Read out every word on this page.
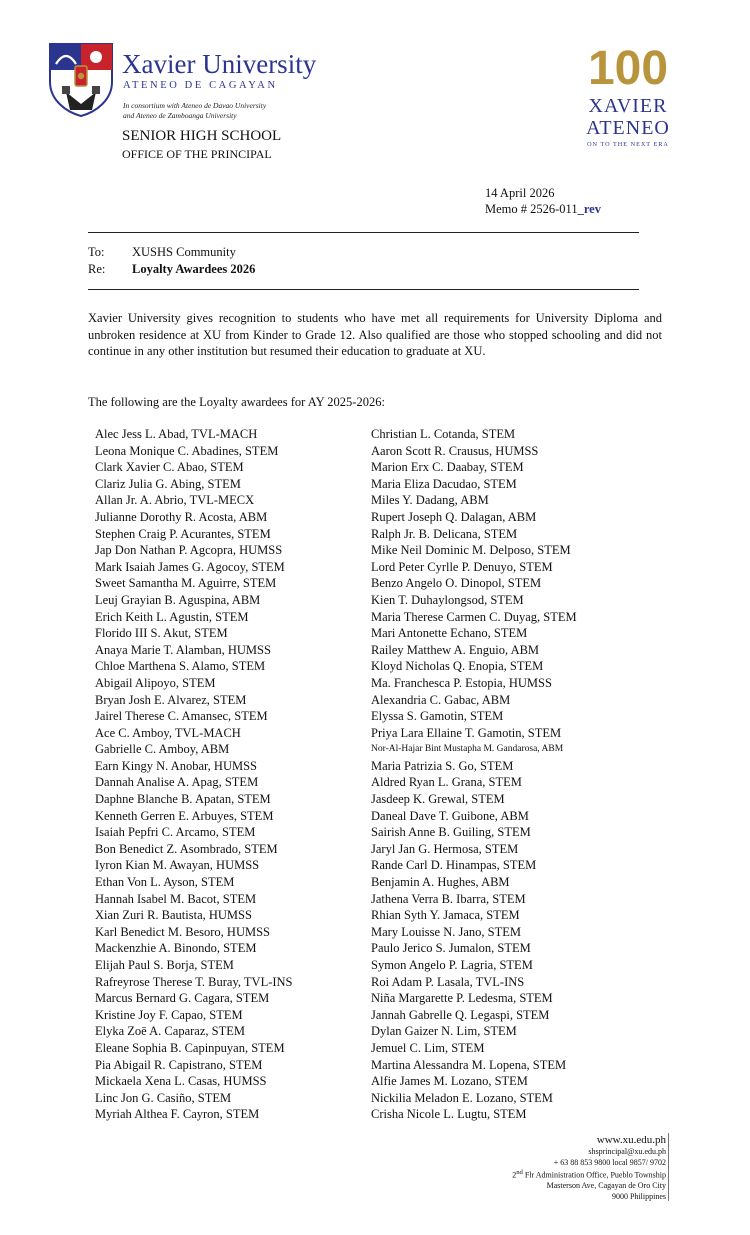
Xavier University
ATENEO DE CAGAYAN
In consortium with Ateneo de Davao University
and Ateneo de Zamboanga University
SENIOR HIGH SCHOOL
OFFICE OF THE PRINCIPAL
100
XAVIER
ATENEO
ON TO THE NEXT ERA
14 April 2026
Memo # 2526-011_rev
To: XUSHS Community
Re: Loyalty Awardees 2026
Xavier University gives recognition to students who have met all requirements for University Diploma and unbroken residence at XU from Kinder to Grade 12. Also qualified are those who stopped schooling and did not continue in any other institution but resumed their education to graduate at XU.
The following are the Loyalty awardees for AY 2025-2026:
Alec Jess L. Abad, TVL-MACH
Leona Monique C. Abadines, STEM
Clark Xavier C. Abao, STEM
Clariz Julia G. Abing, STEM
Allan Jr. A. Abrio, TVL-MECX
Julianne Dorothy R. Acosta, ABM
Stephen Craig P. Acurantes, STEM
Jap Don Nathan P. Agcopra, HUMSS
Mark Isaiah James G. Agocoy, STEM
Sweet Samantha M. Aguirre, STEM
Leuj Grayian B. Aguspina, ABM
Erich Keith L. Agustin, STEM
Florido III S. Akut, STEM
Anaya Marie T. Alamban, HUMSS
Chloe Marthena S. Alamo, STEM
Abigail Alipoyo, STEM
Bryan Josh E. Alvarez, STEM
Jairel Therese C. Amansec, STEM
Ace C. Amboy, TVL-MACH
Gabrielle C. Amboy, ABM
Earn Kingy N. Anobar, HUMSS
Dannah Analise A. Apag, STEM
Daphne Blanche B. Apatan, STEM
Kenneth Gerren E. Arbuyes, STEM
Isaiah Pepfri C. Arcamo, STEM
Bon Benedict Z. Asombrado, STEM
Iyron Kian M. Awayan, HUMSS
Ethan Von L. Ayson, STEM
Hannah Isabel M. Bacot, STEM
Xian Zuri R. Bautista, HUMSS
Karl Benedict M. Besoro, HUMSS
Mackenzhie A. Binondo, STEM
Elijah Paul S. Borja, STEM
Rafreyrose Therese T. Buray, TVL-INS
Marcus Bernard G. Cagara, STEM
Kristine Joy F. Capao, STEM
Elyka Zoē A. Caparaz, STEM
Eleane Sophia B. Capinpuyan, STEM
Pia Abigail R. Capistrano, STEM
Mickaela Xena L. Casas, HUMSS
Linc Jon G. Casiño, STEM
Myriah Althea F. Cayron, STEM
Christian L. Cotanda, STEM
Aaron Scott R. Crausus, HUMSS
Marion Erx C. Daabay, STEM
Maria Eliza Dacudao, STEM
Miles Y. Dadang, ABM
Rupert Joseph Q. Dalagan, ABM
Ralph Jr. B. Delicana, STEM
Mike Neil Dominic M. Delposo, STEM
Lord Peter Cyrlle P. Denuyo, STEM
Benzo Angelo O. Dinopol, STEM
Kien T. Duhaylongsod, STEM
Maria Therese Carmen C. Duyag, STEM
Mari Antonette Echano, STEM
Railey Matthew A. Enguio, ABM
Kloyd Nicholas Q. Enopia, STEM
Ma. Franchesca P. Estopia, HUMSS
Alexandria C. Gabac, ABM
Elyssa S. Gamotin, STEM
Priya Lara Ellaine T. Gamotin, STEM
Nor-Al-Hajar Bint Mustapha M. Gandarosa, ABM
Maria Patrizia S. Go, STEM
Aldred Ryan L. Grana, STEM
Jasdeep K. Grewal, STEM
Daneal Dave T. Guibone, ABM
Sairish Anne B. Guiling, STEM
Jaryl Jan G. Hermosa, STEM
Rande Carl D. Hinampas, STEM
Benjamin A. Hughes, ABM
Jathena Verra B. Ibarra, STEM
Rhian Syth Y. Jamaca, STEM
Mary Louisse N. Jano, STEM
Paulo Jerico S. Jumalon, STEM
Symon Angelo P. Lagria, STEM
Roi Adam P. Lasala, TVL-INS
Niña Margarette P. Ledesma, STEM
Jannah Gabrelle Q. Legaspi, STEM
Dylan Gaizer N. Lim, STEM
Jemuel C. Lim, STEM
Martina Alessandra M. Lopena, STEM
Alfie James M. Lozano, STEM
Nickilia Meladon E. Lozano, STEM
Crisha Nicole L. Lugtu, STEM
www.xu.edu.ph
shsprincipal@xu.edu.ph
+ 63 88 853 9800 local 9857/ 9702
2nd Flr Administration Office, Pueblo Township
Masterson Ave, Cagayan de Oro City
9000 Philippines
